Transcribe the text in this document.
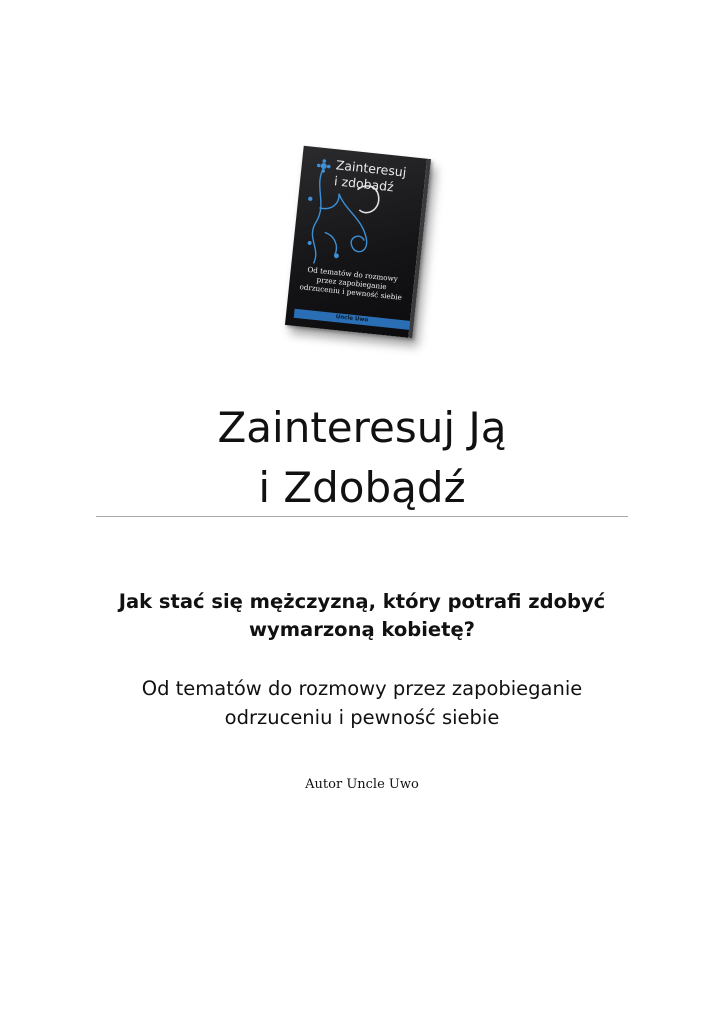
Zainteresuj
i zdobądź
Od tematów do rozmowy przez zapobieganie odrzuceniu i pewność siebie
Uncle Uwo
Zainteresuj Ją
i Zdobądź
Jak stać się mężczyzną, który potrafi zdobyć
wymarzoną kobietę?

Od tematów do rozmowy przez zapobieganie
odrzuceniu i pewność siebie

Autor Uncle Uwo
